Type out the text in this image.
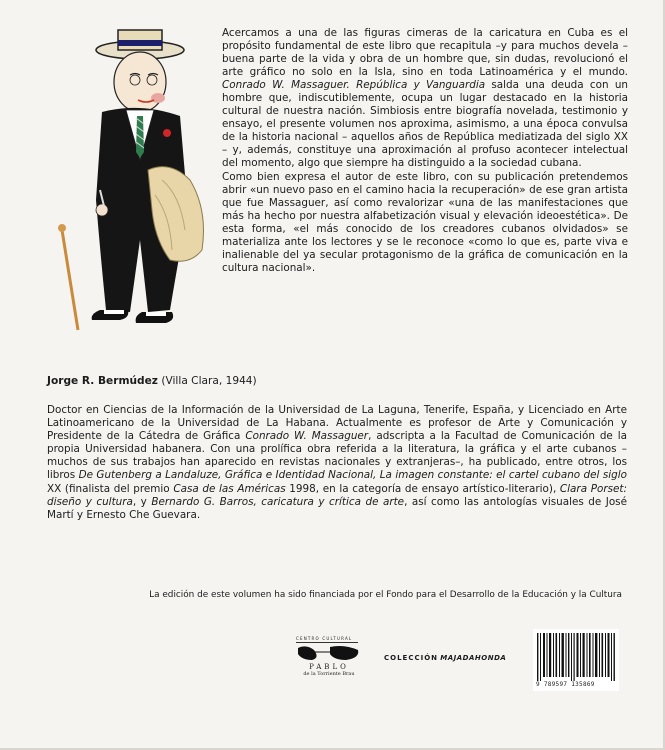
Acercamos a una de las figuras cimeras de la caricatura en Cuba es el propósito fundamental de este libro que recapitula –y para muchos devela – buena parte de la vida y obra de un hombre que, sin dudas, revolucionó el arte gráfico no solo en la Isla, sino en toda Latinoamérica y el mundo. Conrado W. Massaguer. República y Vanguardia salda una deuda con un hombre que, indiscutiblemente, ocupa un lugar destacado en la historia cultural de nuestra nación. Simbiosis entre biografía novelada, testimonio y ensayo, el presente volumen nos aproxima, asimismo, a una época convulsa de la historia nacional – aquellos años de República mediatizada del siglo XX – y, además, constituye una aproximación al profuso acontecer intelectual del momento, algo que siempre ha distinguido a la sociedad cubana.

Como bien expresa el autor de este libro, con su publicación pretendemos abrir «un nuevo paso en el camino hacia la recuperación» de ese gran artista que fue Massaguer, así como revalorizar «una de las manifestaciones que más ha hecho por nuestra alfabetización visual y elevación ideoestética». De esta forma, «el más conocido de los creadores cubanos olvidados» se materializa ante los lectores y se le reconoce «como lo que es, parte viva e inalienable del ya secular protagonismo de la gráfica de comunicación en la cultura nacional».

Jorge R. Bermúdez (Villa Clara, 1944)
Doctor en Ciencias de la Información de la Universidad de La Laguna, Tenerife, España, y Licenciado en Arte Latinoamericano de la Universidad de La Habana. Actualmente es profesor de Arte y Comunicación y Presidente de la Cátedra de Gráfica Conrado W. Massaguer, adscripta a la Facultad de Comunicación de la propia Universidad habanera. Con una prolífica obra referida a la literatura, la gráfica y el arte cubanos –muchos de sus trabajos han aparecido en revistas nacionales y extranjeras–, ha publicado, entre otros, los libros De Gutenberg a Landaluze, Gráfica e Identidad Nacional, La imagen constante: el cartel cubano del siglo XX (finalista del premio Casa de las Américas 1998, en la categoría de ensayo artístico-literario), Clara Porset: diseño y cultura, y Bernardo G. Barros, caricatura y crítica de arte, así como las antologías visuales de José Martí y Ernesto Che Guevara.
La edición de este volumen ha sido financiada por el Fondo para el Desarrollo de la Educación y la Cultura
CENTRO CULTURAL
PABLO
de la Torriente Brau
COLECCIÓN MAJADAHONDA
9 789597 135869
